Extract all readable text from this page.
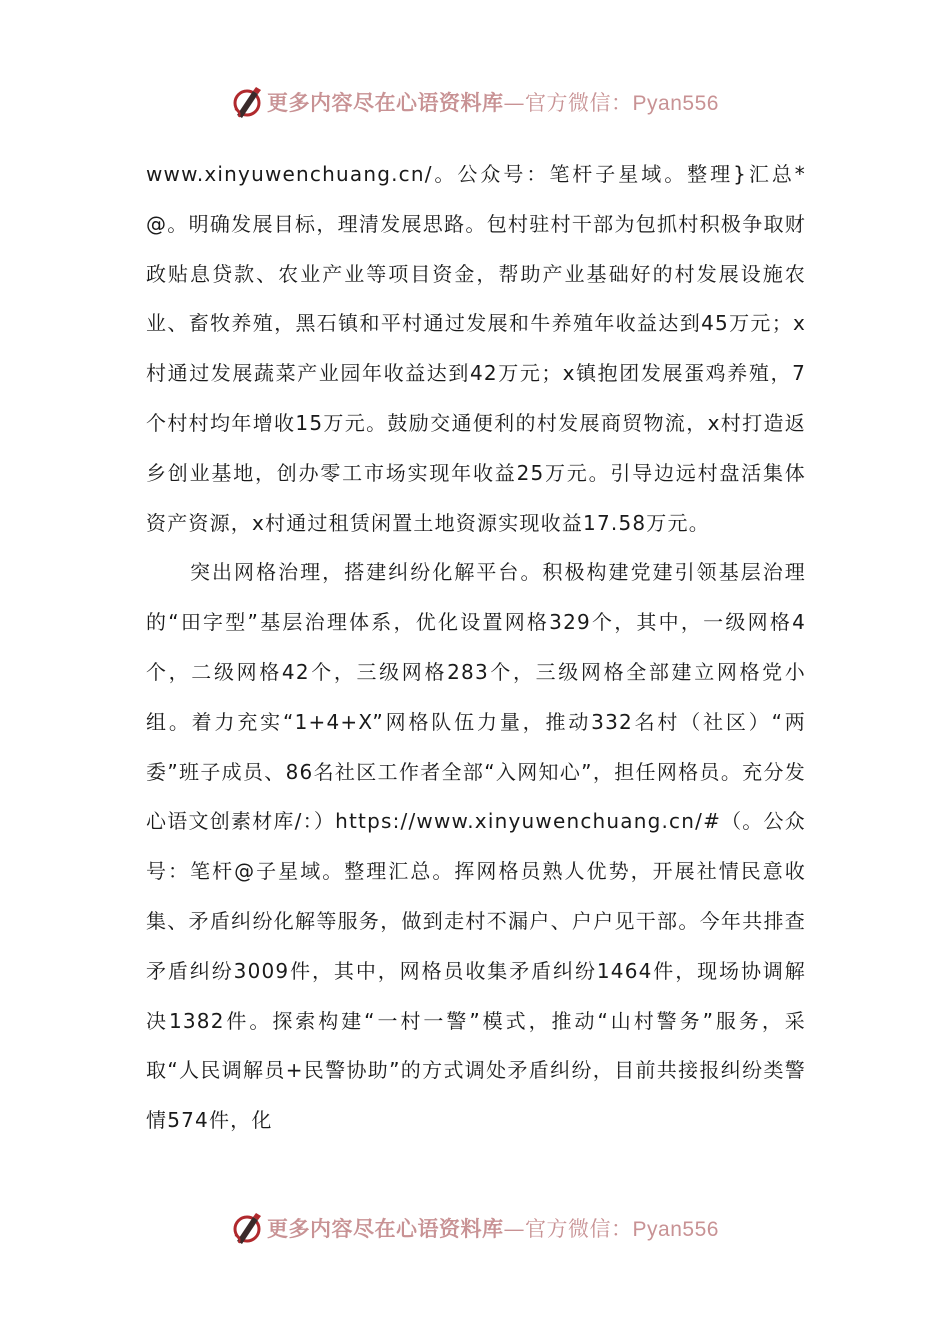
更多内容尽在心语资料库—官方微信：Pyan556

www.xinyuwenchuang.cn/。公众号：笔杆子星域。整理}汇总*@。明确发展目标，理清发展思路。包村驻村干部为包抓村积极争取财政贴息贷款、农业产业等项目资金，帮助产业基础好的村发展设施农业、畜牧养殖，黑石镇和平村通过发展和牛养殖年收益达到45万元；x村通过发展蔬菜产业园年收益达到42万元；x镇抱团发展蛋鸡养殖，7个村村均年增收15万元。鼓励交通便利的村发展商贸物流，x村打造返乡创业基地，创办零工市场实现年收益25万元。引导边远村盘活集体资产资源，x村通过租赁闲置土地资源实现收益17.58万元。

突出网格治理，搭建纠纷化解平台。积极构建党建引领基层治理的“田字型”基层治理体系，优化设置网格329个，其中，一级网格4个，二级网格42个，三级网格283个，三级网格全部建立网格党小组。着力充实“1+4+X”网格队伍力量，推动332名村（社区）“两委”班子成员、86名社区工作者全部“入网知心”，担任网格员。充分发心语文创素材库/：）https://www.xinyuwenchuang.cn/#（。公众号：笔杆@子星域。整理汇总。挥网格员熟人优势，开展社情民意收集、矛盾纠纷化解等服务，做到走村不漏户、户户见干部。今年共排查矛盾纠纷3009件，其中，网格员收集矛盾纠纷1464件，现场协调解决1382件。探索构建“一村一警”模式，推动“山村警务”服务，采取“人民调解员+民警协助”的方式调处矛盾纠纷，目前共接报纠纷类警情574件，化

更多内容尽在心语资料库—官方微信：Pyan556
